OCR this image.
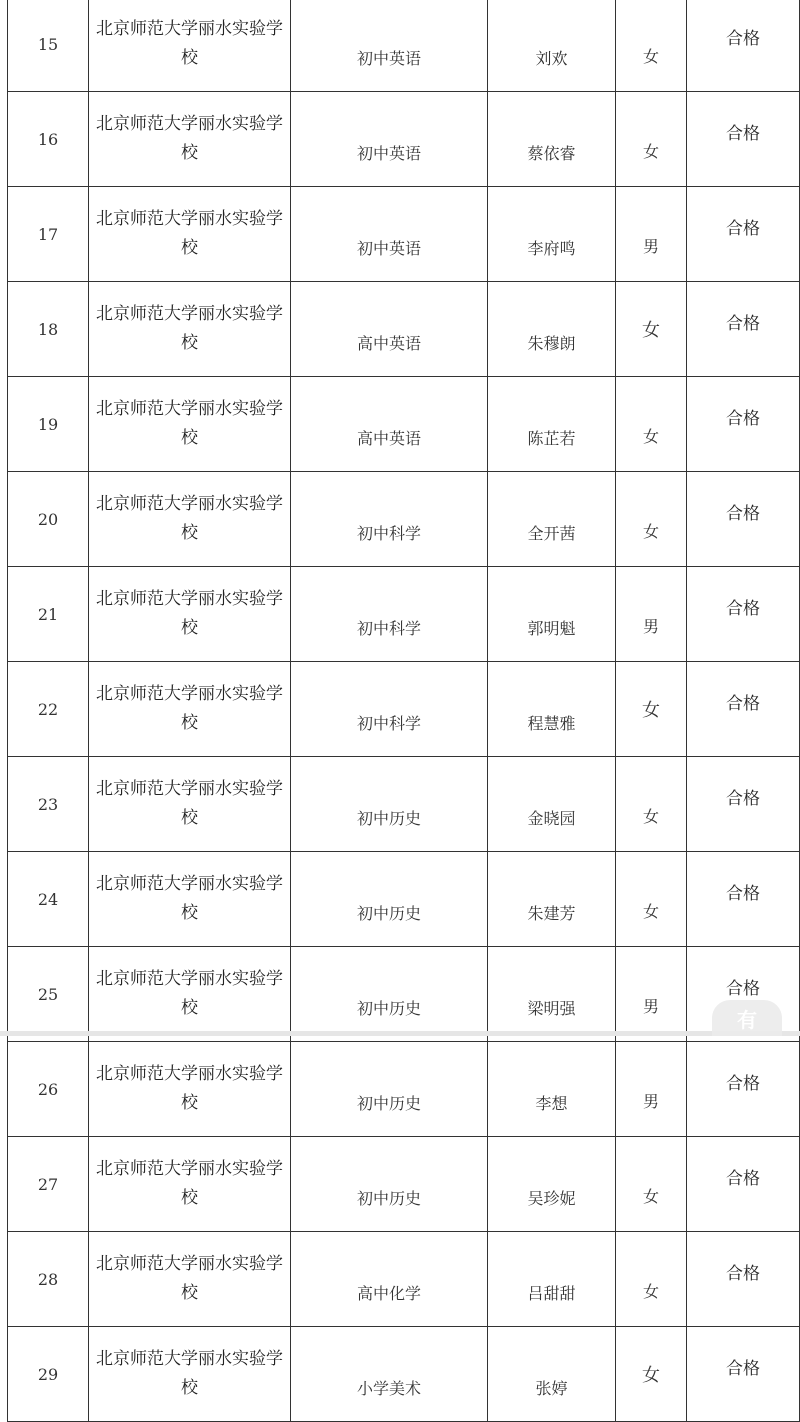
15	北京师范大学丽水实验学校	初中英语	刘欢	女	合格
16	北京师范大学丽水实验学校	初中英语	蔡依睿	女	合格
17	北京师范大学丽水实验学校	初中英语	李府鸣	男	合格
18	北京师范大学丽水实验学校	高中英语	朱穆朗	女	合格
19	北京师范大学丽水实验学校	高中英语	陈芷若	女	合格
20	北京师范大学丽水实验学校	初中科学	全开茜	女	合格
21	北京师范大学丽水实验学校	初中科学	郭明魁	男	合格
22	北京师范大学丽水实验学校	初中科学	程慧雅	女	合格
23	北京师范大学丽水实验学校	初中历史	金晓园	女	合格
24	北京师范大学丽水实验学校	初中历史	朱建芳	女	合格
25	北京师范大学丽水实验学校	初中历史	梁明强	男	合格
26	北京师范大学丽水实验学校	初中历史	李想	男	合格
27	北京师范大学丽水实验学校	初中历史	吴珍妮	女	合格
28	北京师范大学丽水实验学校	高中化学	吕甜甜	女	合格
29	北京师范大学丽水实验学校	小学美术	张婷	女	合格
有
